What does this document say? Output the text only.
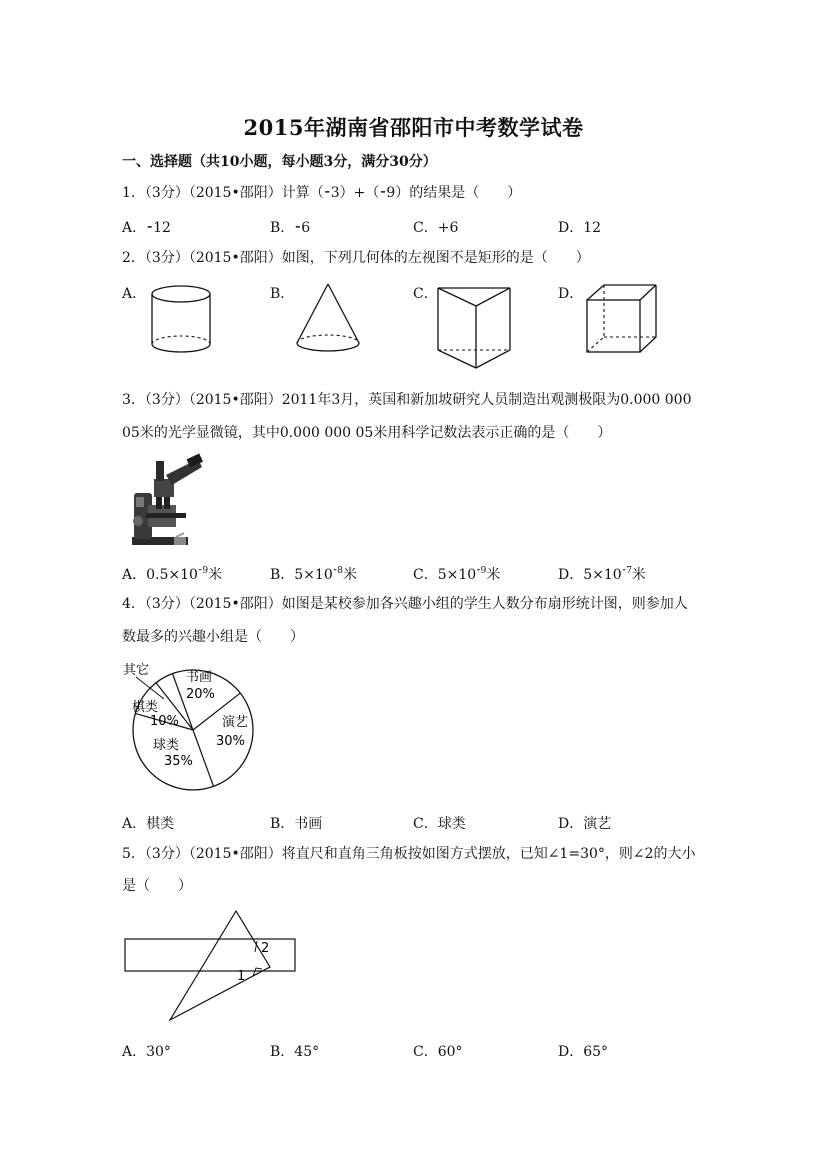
2015年湖南省邵阳市中考数学试卷
一、选择题（共10小题，每小题3分，满分30分）
1．（3分）（2015•邵阳）计算（⁃3）+（⁃9）的结果是（　　）
A．⁃12	B．⁃6	C．+6	D．12
2．（3分）（2015•邵阳）如图，下列几何体的左视图不是矩形的是（　　）
A．	B．	C．	D．
3．（3分）（2015•邵阳）2011年3月，英国和新加坡研究人员制造出观测极限为0.000 000
05米的光学显微镜，其中0.000 000 05米用科学记数法表示正确的是（　　）
A．$0.5\times 10^{⁃9}$米	B．$5\times 10^{⁃8}$米	C．$5\times 10^{⁃9}$米	D．$5\times 10^{⁃7}$米
4．（3分）（2015•邵阳）如图是某校参加各兴趣小组的学生人数分布扇形统计图，则参加人
数最多的兴趣小组是（　　）
其它	书画
20%
演艺
30%
球类
35%
棋类
10%
A．棋类	B．书画	C．球类	D．演艺
5．（3分）（2015•邵阳）将直尺和直角三角板按如图方式摆放，已知∠1=30°，则∠2的大小
是（　　）
1
2
A．30°	B．45°	C．60°	D．65°
